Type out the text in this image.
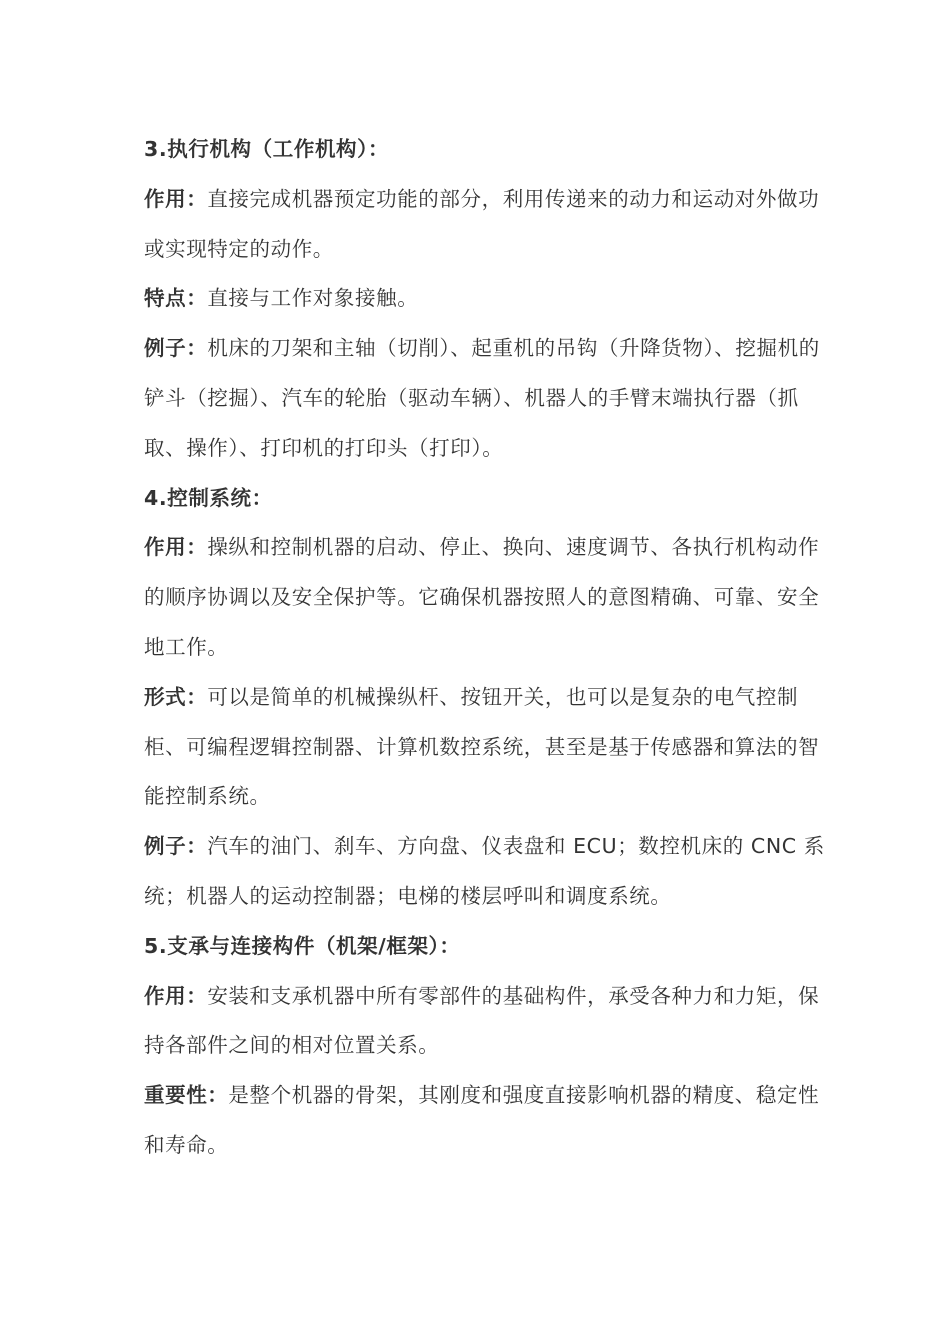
3.执行机构（工作机构）：

作用：直接完成机器预定功能的部分，利用传递来的动力和运动对外做功或实现特定的动作。

特点：直接与工作对象接触。

例子：机床的刀架和主轴（切削）、起重机的吊钩（升降货物）、挖掘机的铲斗（挖掘）、汽车的轮胎（驱动车辆）、机器人的手臂末端执行器（抓取、操作）、打印机的打印头（打印）。

4.控制系统：

作用：操纵和控制机器的启动、停止、换向、速度调节、各执行机构动作的顺序协调以及安全保护等。它确保机器按照人的意图精确、可靠、安全地工作。

形式：可以是简单的机械操纵杆、按钮开关，也可以是复杂的电气控制柜、可编程逻辑控制器、计算机数控系统，甚至是基于传感器和算法的智能控制系统。

例子：汽车的油门、刹车、方向盘、仪表盘和 ECU；数控机床的 CNC 系统；机器人的运动控制器；电梯的楼层呼叫和调度系统。

5.支承与连接构件（机架/框架）：

作用：安装和支承机器中所有零部件的基础构件，承受各种力和力矩，保持各部件之间的相对位置关系。

重要性：是整个机器的骨架，其刚度和强度直接影响机器的精度、稳定性和寿命。
